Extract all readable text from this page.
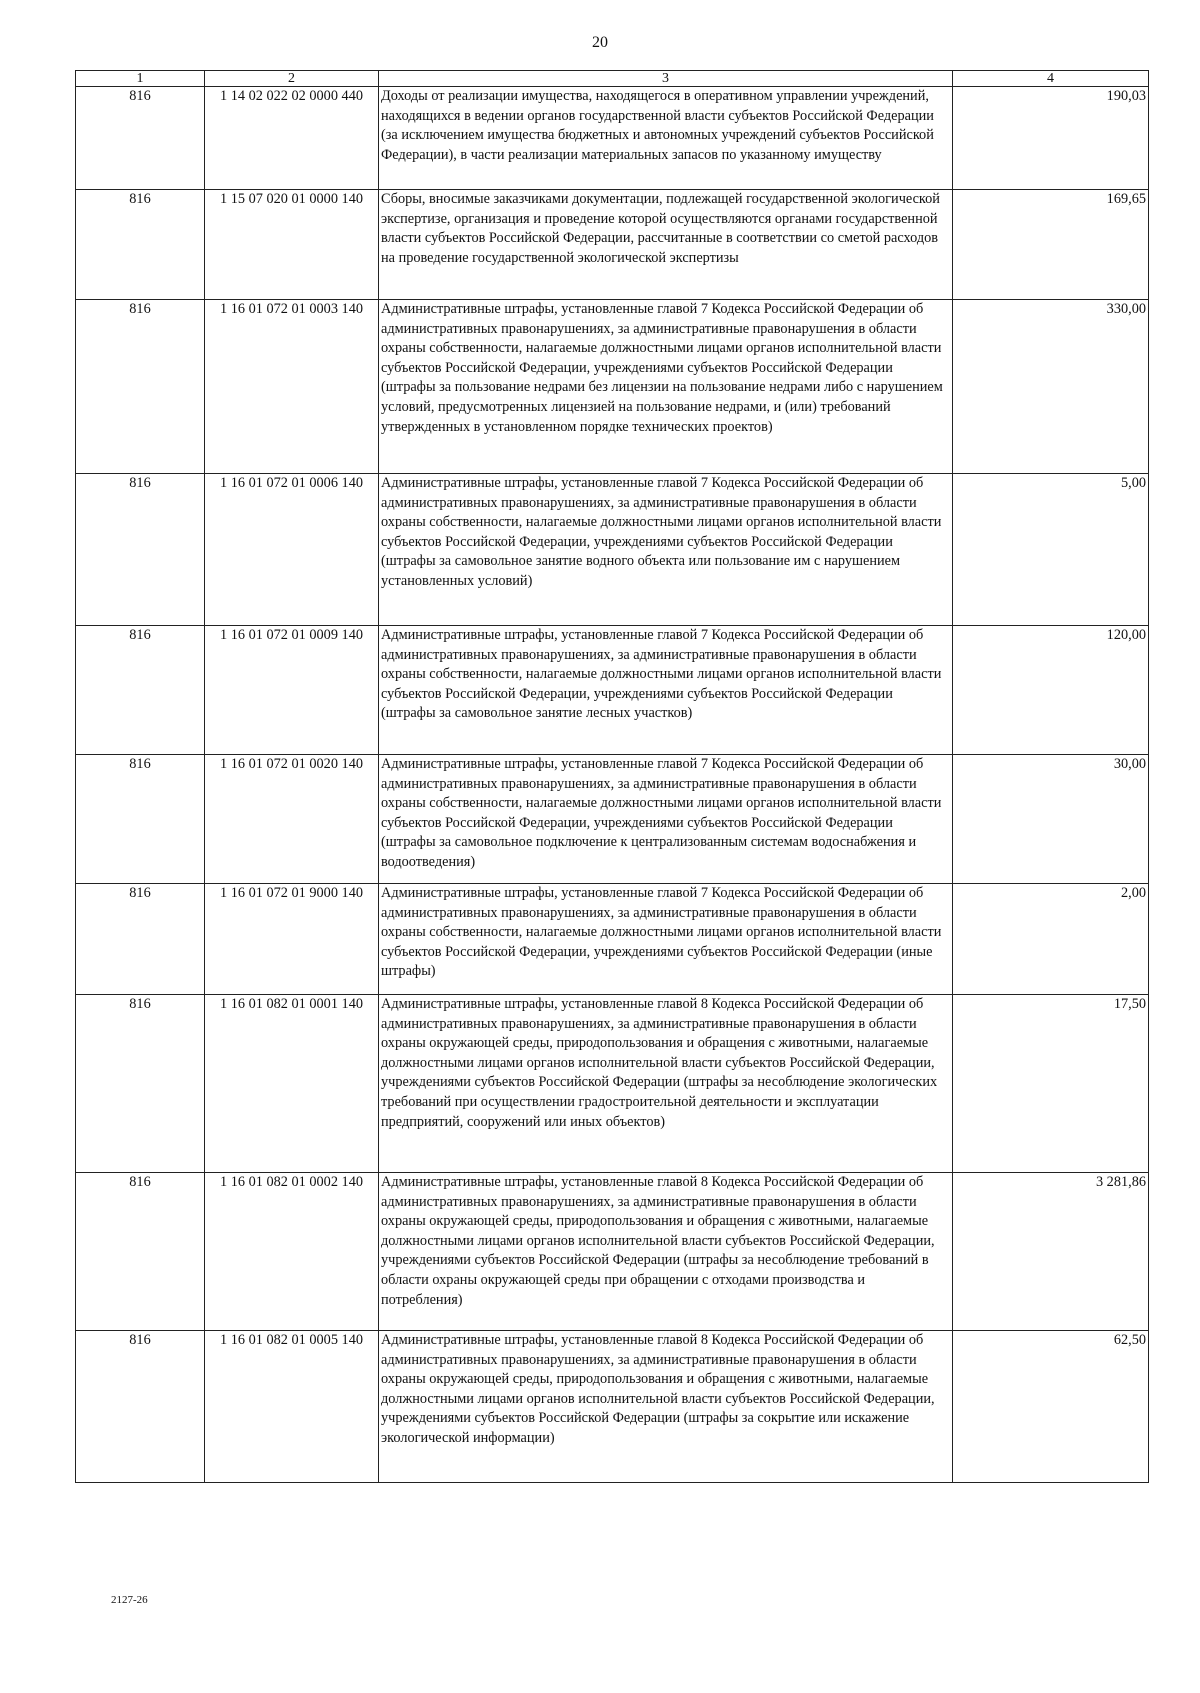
20
1	2	3	4
816	1 14 02 022 02 0000 440	Доходы от реализации имущества, находящегося в оперативном управлении учреждений, находящихся в ведении органов государственной власти субъектов Российской Федерации (за исключением имущества бюджетных и автономных учреждений субъектов Российской Федерации), в части реализации материальных запасов по указанному имуществу	190,03
816	1 15 07 020 01 0000 140	Сборы, вносимые заказчиками документации, подлежащей государственной экологической экспертизе, организация и проведение которой осуществляются органами государственной власти субъектов Российской Федерации, рассчитанные в соответствии со сметой расходов на проведение государственной экологической экспертизы	169,65
816	1 16 01 072 01 0003 140	Административные штрафы, установленные главой 7 Кодекса Российской Федерации об административных правонарушениях, за административные правонарушения в области охраны собственности, налагаемые должностными лицами органов исполнительной власти субъектов Российской Федерации, учреждениями субъектов Российской Федерации (штрафы за пользование недрами без лицензии на пользование недрами либо с нарушением условий, предусмотренных лицензией на пользование недрами, и (или) требований утвержденных в установленном порядке технических проектов)	330,00
816	1 16 01 072 01 0006 140	Административные штрафы, установленные главой 7 Кодекса Российской Федерации об административных правонарушениях, за административные правонарушения в области охраны собственности, налагаемые должностными лицами органов исполнительной власти субъектов Российской Федерации, учреждениями субъектов Российской Федерации (штрафы за самовольное занятие водного объекта или пользование им с нарушением установленных условий)	5,00
816	1 16 01 072 01 0009 140	Административные штрафы, установленные главой 7 Кодекса Российской Федерации об административных правонарушениях, за административные правонарушения в области охраны собственности, налагаемые должностными лицами органов исполнительной власти субъектов Российской Федерации, учреждениями субъектов Российской Федерации (штрафы за самовольное занятие лесных участков)	120,00
816	1 16 01 072 01 0020 140	Административные штрафы, установленные главой 7 Кодекса Российской Федерации об административных правонарушениях, за административные правонарушения в области охраны собственности, налагаемые должностными лицами органов исполнительной власти субъектов Российской Федерации, учреждениями субъектов Российской Федерации (штрафы за самовольное подключение к централизованным системам водоснабжения и водоотведения)	30,00
816	1 16 01 072 01 9000 140	Административные штрафы, установленные главой 7 Кодекса Российской Федерации об административных правонарушениях, за административные правонарушения в области охраны собственности, налагаемые должностными лицами органов исполнительной власти субъектов Российской Федерации, учреждениями субъектов Российской Федерации (иные штрафы)	2,00
816	1 16 01 082 01 0001 140	Административные штрафы, установленные главой 8 Кодекса Российской Федерации об административных правонарушениях, за административные правонарушения в области охраны окружающей среды, природопользования и обращения с животными, налагаемые должностными лицами органов исполнительной власти субъектов Российской Федерации, учреждениями субъектов Российской Федерации (штрафы за несоблюдение экологических требований при осуществлении градостроительной деятельности и эксплуатации предприятий, сооружений или иных объектов)	17,50
816	1 16 01 082 01 0002 140	Административные штрафы, установленные главой 8 Кодекса Российской Федерации об административных правонарушениях, за административные правонарушения в области охраны окружающей среды, природопользования и обращения с животными, налагаемые должностными лицами органов исполнительной власти субъектов Российской Федерации, учреждениями субъектов Российской Федерации (штрафы за несоблюдение требований в области охраны окружающей среды при обращении с отходами производства и потребления)	3 281,86
816	1 16 01 082 01 0005 140	Административные штрафы, установленные главой 8 Кодекса Российской Федерации об административных правонарушениях, за административные правонарушения в области охраны окружающей среды, природопользования и обращения с животными, налагаемые должностными лицами органов исполнительной власти субъектов Российской Федерации, учреждениями субъектов Российской Федерации (штрафы за сокрытие или искажение экологической информации)	62,50
2127-26
